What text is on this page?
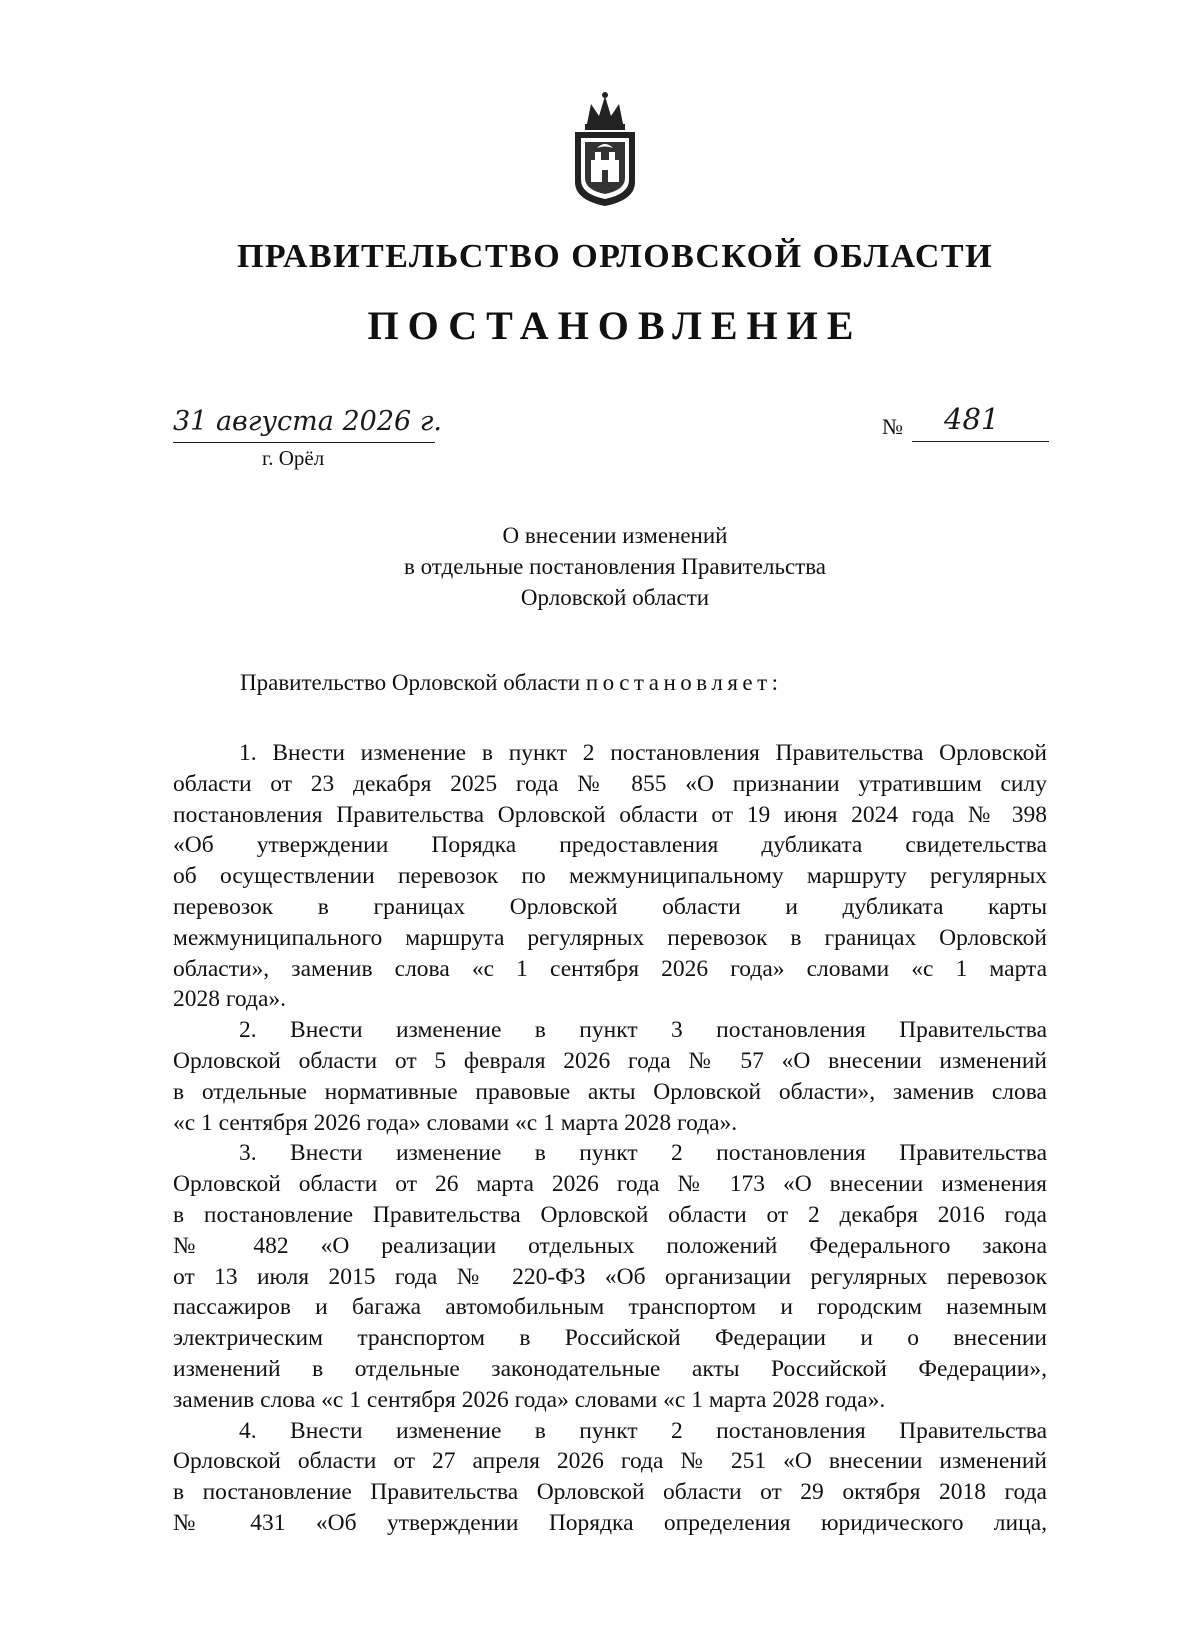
ПРАВИТЕЛЬСТВО ОРЛОВСКОЙ ОБЛАСТИ
ПОСТАНОВЛЕНИЕ
31 августа 2026 г.
г. Орёл
№	481
О внесении изменений
в отдельные постановления Правительства
Орловской области
Правительство Орловской области постановляет:
1. Внести изменение в пункт 2 постановления Правительства Орловской
области от 23 декабря 2025 года № 855 «О признании утратившим силу
постановления Правительства Орловской области от 19 июня 2024 года № 398
«Об утверждении Порядка предоставления дубликата свидетельства
об осуществлении перевозок по межмуниципальному маршруту регулярных
перевозок в границах Орловской области и дубликата карты
межмуниципального маршрута регулярных перевозок в границах Орловской
области», заменив слова «с 1 сентября 2026 года» словами «с 1 марта
2028 года».
2. Внести изменение в пункт 3 постановления Правительства
Орловской области от 5 февраля 2026 года № 57 «О внесении изменений
в отдельные нормативные правовые акты Орловской области», заменив слова
«с 1 сентября 2026 года» словами «с 1 марта 2028 года».
3. Внести изменение в пункт 2 постановления Правительства
Орловской области от 26 марта 2026 года № 173 «О внесении изменения
в постановление Правительства Орловской области от 2 декабря 2016 года
№ 482 «О реализации отдельных положений Федерального закона
от 13 июля 2015 года № 220-ФЗ «Об организации регулярных перевозок
пассажиров и багажа автомобильным транспортом и городским наземным
электрическим транспортом в Российской Федерации и о внесении
изменений в отдельные законодательные акты Российской Федерации»,
заменив слова «с 1 сентября 2026 года» словами «с 1 марта 2028 года».
4. Внести изменение в пункт 2 постановления Правительства
Орловской области от 27 апреля 2026 года № 251 «О внесении изменений
в постановление Правительства Орловской области от 29 октября 2018 года
№ 431 «Об утверждении Порядка определения юридического лица,
